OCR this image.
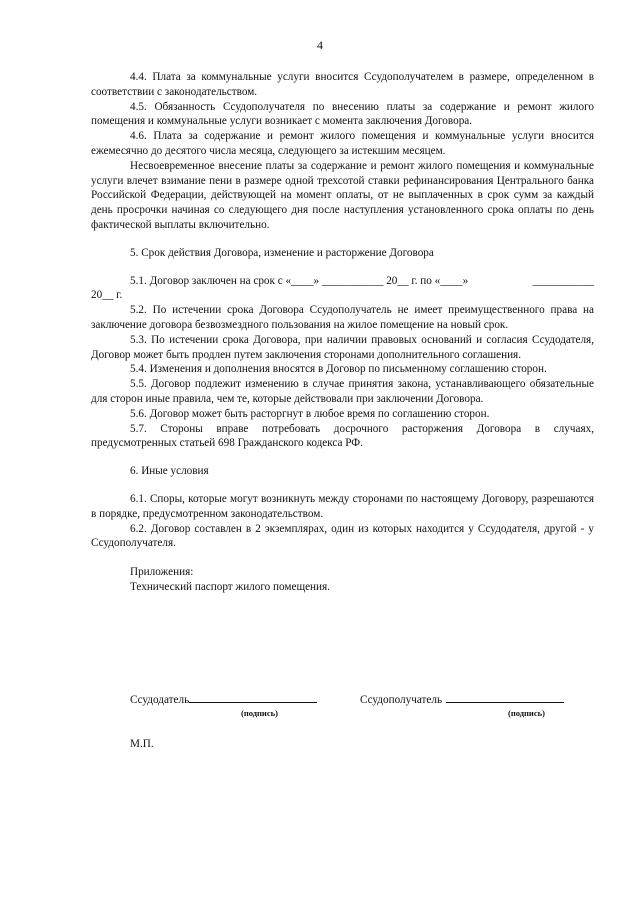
4

4.4. Плата за коммунальные услуги вносится Ссудополучателем в размере, определенном в соответствии с законодательством.

4.5. Обязанность Ссудополучателя по внесению платы за содержание и ремонт жилого помещения и коммунальные услуги возникает с момента заключения Договора.

4.6. Плата за содержание и ремонт жилого помещения и коммунальные услуги вносится ежемесячно до десятого числа месяца, следующего за истекшим месяцем.

Несвоевременное внесение платы за содержание и ремонт жилого помещения и коммунальные услуги влечет взимание пени в размере одной трехсотой ставки рефинансирования Центрального банка Российской Федерации, действующей на момент оплаты, от не выплаченных в срок сумм за каждый день просрочки начиная со следующего дня после наступления установленного срока оплаты по день фактической выплаты включительно.

5. Срок действия Договора, изменение и расторжение Договора

5.1. Договор заключен на срок с «____» ___________ 20__ г. по «____»	___________

20__ г.

5.2. По истечении срока Договора Ссудополучатель не имеет преимущественного права на заключение договора безвозмездного пользования на жилое помещение на новый срок.

5.3. По истечении срока Договора, при наличии правовых оснований и согласия Ссудодателя, Договор может быть продлен путем заключения сторонами дополнительного соглашения.

5.4. Изменения и дополнения вносятся в Договор по письменному соглашению сторон.

5.5. Договор подлежит изменению в случае принятия закона, устанавливающего обязательные для сторон иные правила, чем те, которые действовали при заключении Договора.

5.6. Договор может быть расторгнут в любое время по соглашению сторон.

5.7. Стороны вправе потребовать досрочного расторжения Договора в случаях, предусмотренных статьей 698 Гражданского кодекса РФ.

6. Иные условия

6.1. Споры, которые могут возникнуть между сторонами по настоящему Договору, разрешаются в порядке, предусмотренном законодательством.

6.2. Договор составлен в 2 экземплярах, один из которых находится у Ссудодателя, другой - у Ссудополучателя.

Приложения:

Технический паспорт жилого помещения.

Ссудодатель
(подпись)
Ссудополучатель
(подпись)
М.П.
